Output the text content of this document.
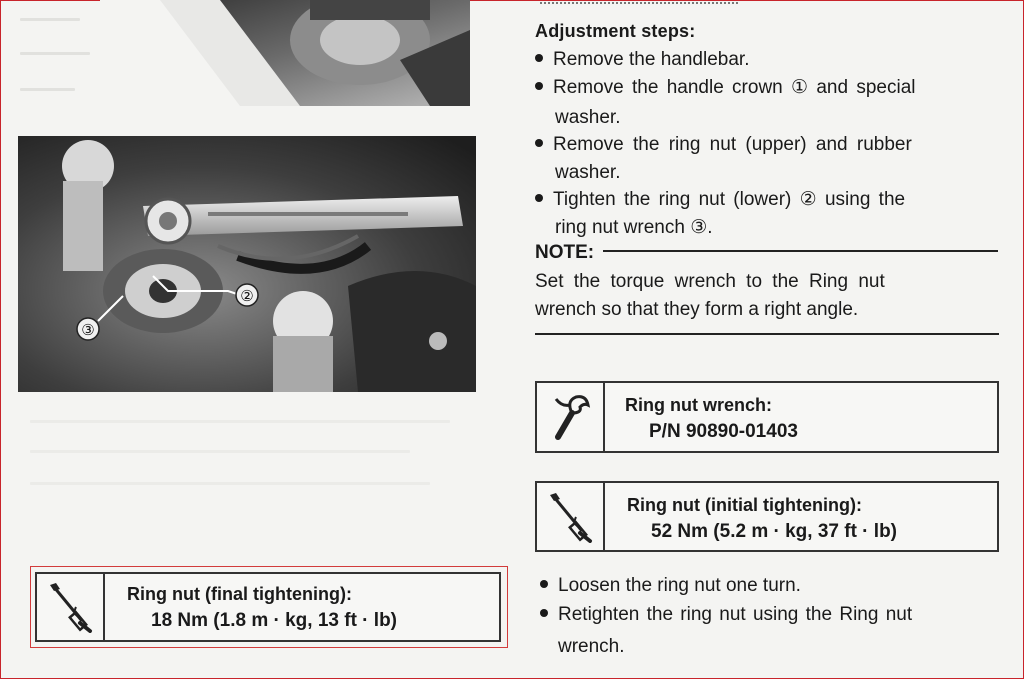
②
③
Adjustment steps:
Remove the handlebar.
Remove the handle crown ① and special
washer.
Remove the ring nut (upper) and rubber
washer.
Tighten the ring nut (lower) ② using the
ring nut wrench ③.
NOTE:
Set the torque wrench to the Ring nut
wrench so that they form a right angle.
Ring nut wrench:
P/N 90890-01403
Ring nut (initial tightening):
52 Nm (5.2 m · kg, 37 ft · lb)
Ring nut (final tightening):
18 Nm (1.8 m · kg, 13 ft · lb)
Loosen the ring nut one turn.
Retighten the ring nut using the Ring nut
wrench.
